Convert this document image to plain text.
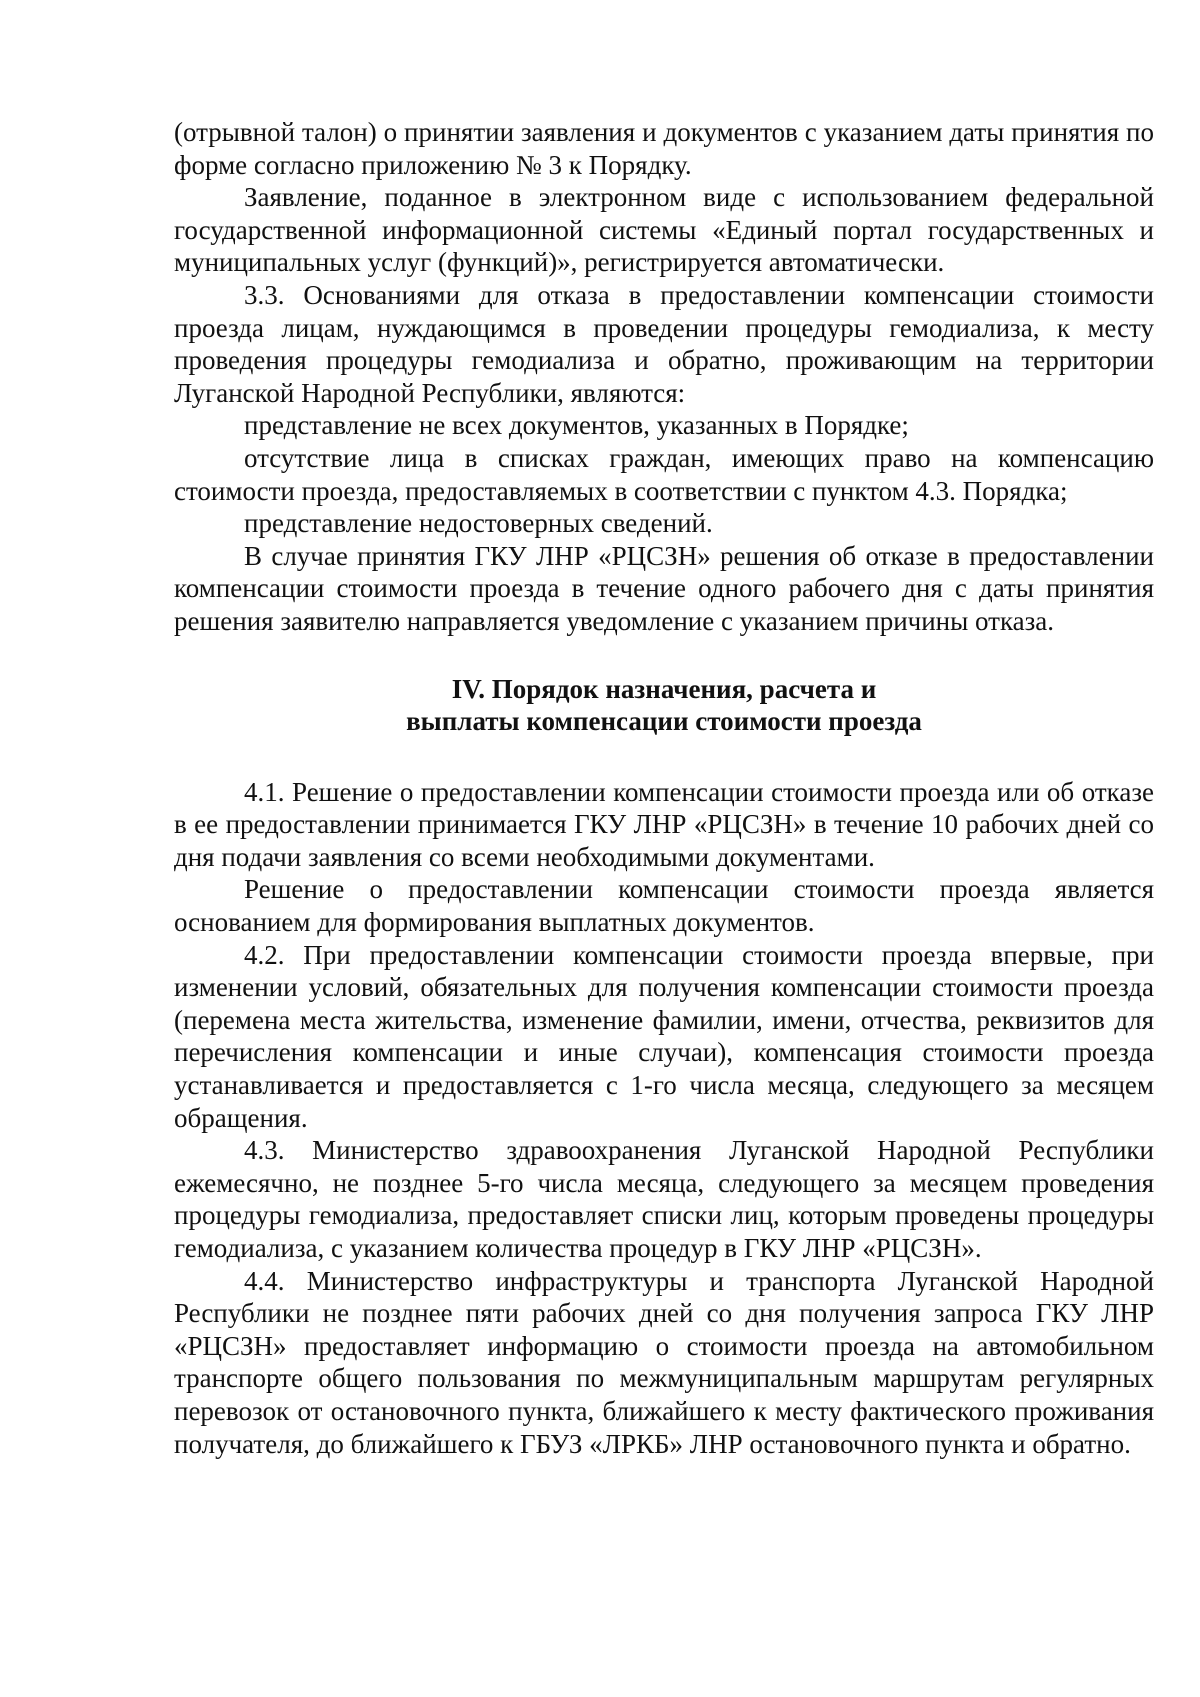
(отрывной талон) о принятии заявления и документов с указанием даты принятия по форме согласно приложению № 3 к Порядку.

Заявление, поданное в электронном виде с использованием федеральной государственной информационной системы «Единый портал государственных и муниципальных услуг (функций)», регистрируется автоматически.

3.3. Основаниями для отказа в предоставлении компенсации стоимости проезда лицам, нуждающимся в проведении процедуры гемодиализа, к месту проведения процедуры гемодиализа и обратно, проживающим на территории Луганской Народной Республики, являются:

представление не всех документов, указанных в Порядке;

отсутствие лица в списках граждан, имеющих право на компенсацию стоимости проезда, предоставляемых в соответствии с пунктом 4.3. Порядка;

представление недостоверных сведений.

В случае принятия ГКУ ЛНР «РЦСЗН» решения об отказе в предоставлении компенсации стоимости проезда в течение одного рабочего дня с даты принятия решения заявителю направляется уведомление с указанием причины отказа.

IV. Порядок назначения, расчета и
выплаты компенсации стоимости проезда

4.1. Решение о предоставлении компенсации стоимости проезда или об отказе в ее предоставлении принимается ГКУ ЛНР «РЦСЗН» в течение 10 рабочих дней со дня подачи заявления со всеми необходимыми документами.

Решение о предоставлении компенсации стоимости проезда является основанием для формирования выплатных документов.

4.2. При предоставлении компенсации стоимости проезда впервые, при изменении условий, обязательных для получения компенсации стоимости проезда (перемена места жительства, изменение фамилии, имени, отчества, реквизитов для перечисления компенсации и иные случаи), компенсация стоимости проезда устанавливается и предоставляется с 1-го числа месяца, следующего за месяцем обращения.

4.3. Министерство здравоохранения Луганской Народной Республики ежемесячно, не позднее 5-го числа месяца, следующего за месяцем проведения процедуры гемодиализа, предоставляет списки лиц, которым проведены процедуры гемодиализа, с указанием количества процедур в ГКУ ЛНР «РЦСЗН».

4.4. Министерство инфраструктуры и транспорта Луганской Народной Республики не позднее пяти рабочих дней со дня получения запроса ГКУ ЛНР «РЦСЗН» предоставляет информацию о стоимости проезда на автомобильном транспорте общего пользования по межмуниципальным маршрутам регулярных перевозок от остановочного пункта, ближайшего к месту фактического проживания получателя, до ближайшего к ГБУЗ «ЛРКБ» ЛНР остановочного пункта и обратно.
